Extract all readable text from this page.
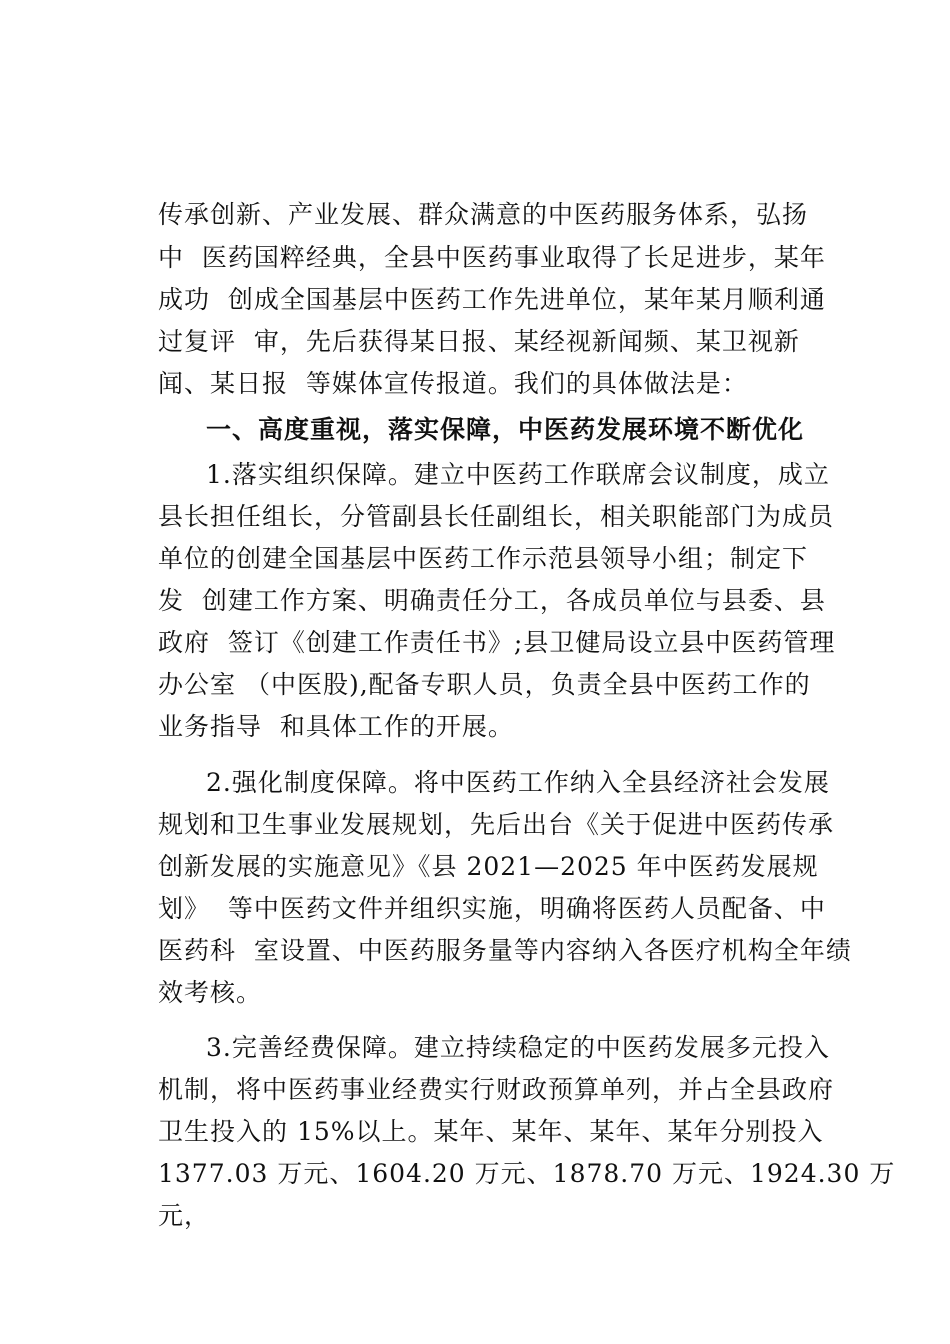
传承创新、产业发展、群众满意的中医药服务体系，弘扬
中  医药国粹经典，全县中医药事业取得了长足进步，某年
成功  创成全国基层中医药工作先进单位，某年某月顺利通
过复评  审，先后获得某日报、某经视新闻频、某卫视新
闻、某日报  等媒体宣传报道。我们的具体做法是：
一、高度重视，落实保障，中医药发展环境不断优化
1.落实组织保障。建立中医药工作联席会议制度，成立
县长担任组长，分管副县长任副组长，相关职能部门为成员
单位的创建全国基层中医药工作示范县领导小组；制定下
发  创建工作方案、明确责任分工，各成员单位与县委、县
政府  签订《创建工作责任书》;县卫健局设立县中医药管理
办公室 （中医股),配备专职人员，负责全县中医药工作的
业务指导  和具体工作的开展。
2.强化制度保障。将中医药工作纳入全县经济社会发展
规划和卫生事业发展规划，先后出台《关于促进中医药传承
创新发展的实施意见》《县 2021—2025 年中医药发展规
划》  等中医药文件并组织实施，明确将医药人员配备、中
医药科  室设置、中医药服务量等内容纳入各医疗机构全年绩
效考核。
3.完善经费保障。建立持续稳定的中医药发展多元投入
机制，将中医药事业经费实行财政预算单列，并占全县政府
卫生投入的 15%以上。某年、某年、某年、某年分别投入
1377.03 万元、1604.20 万元、1878.70 万元、1924.30 万
元，
